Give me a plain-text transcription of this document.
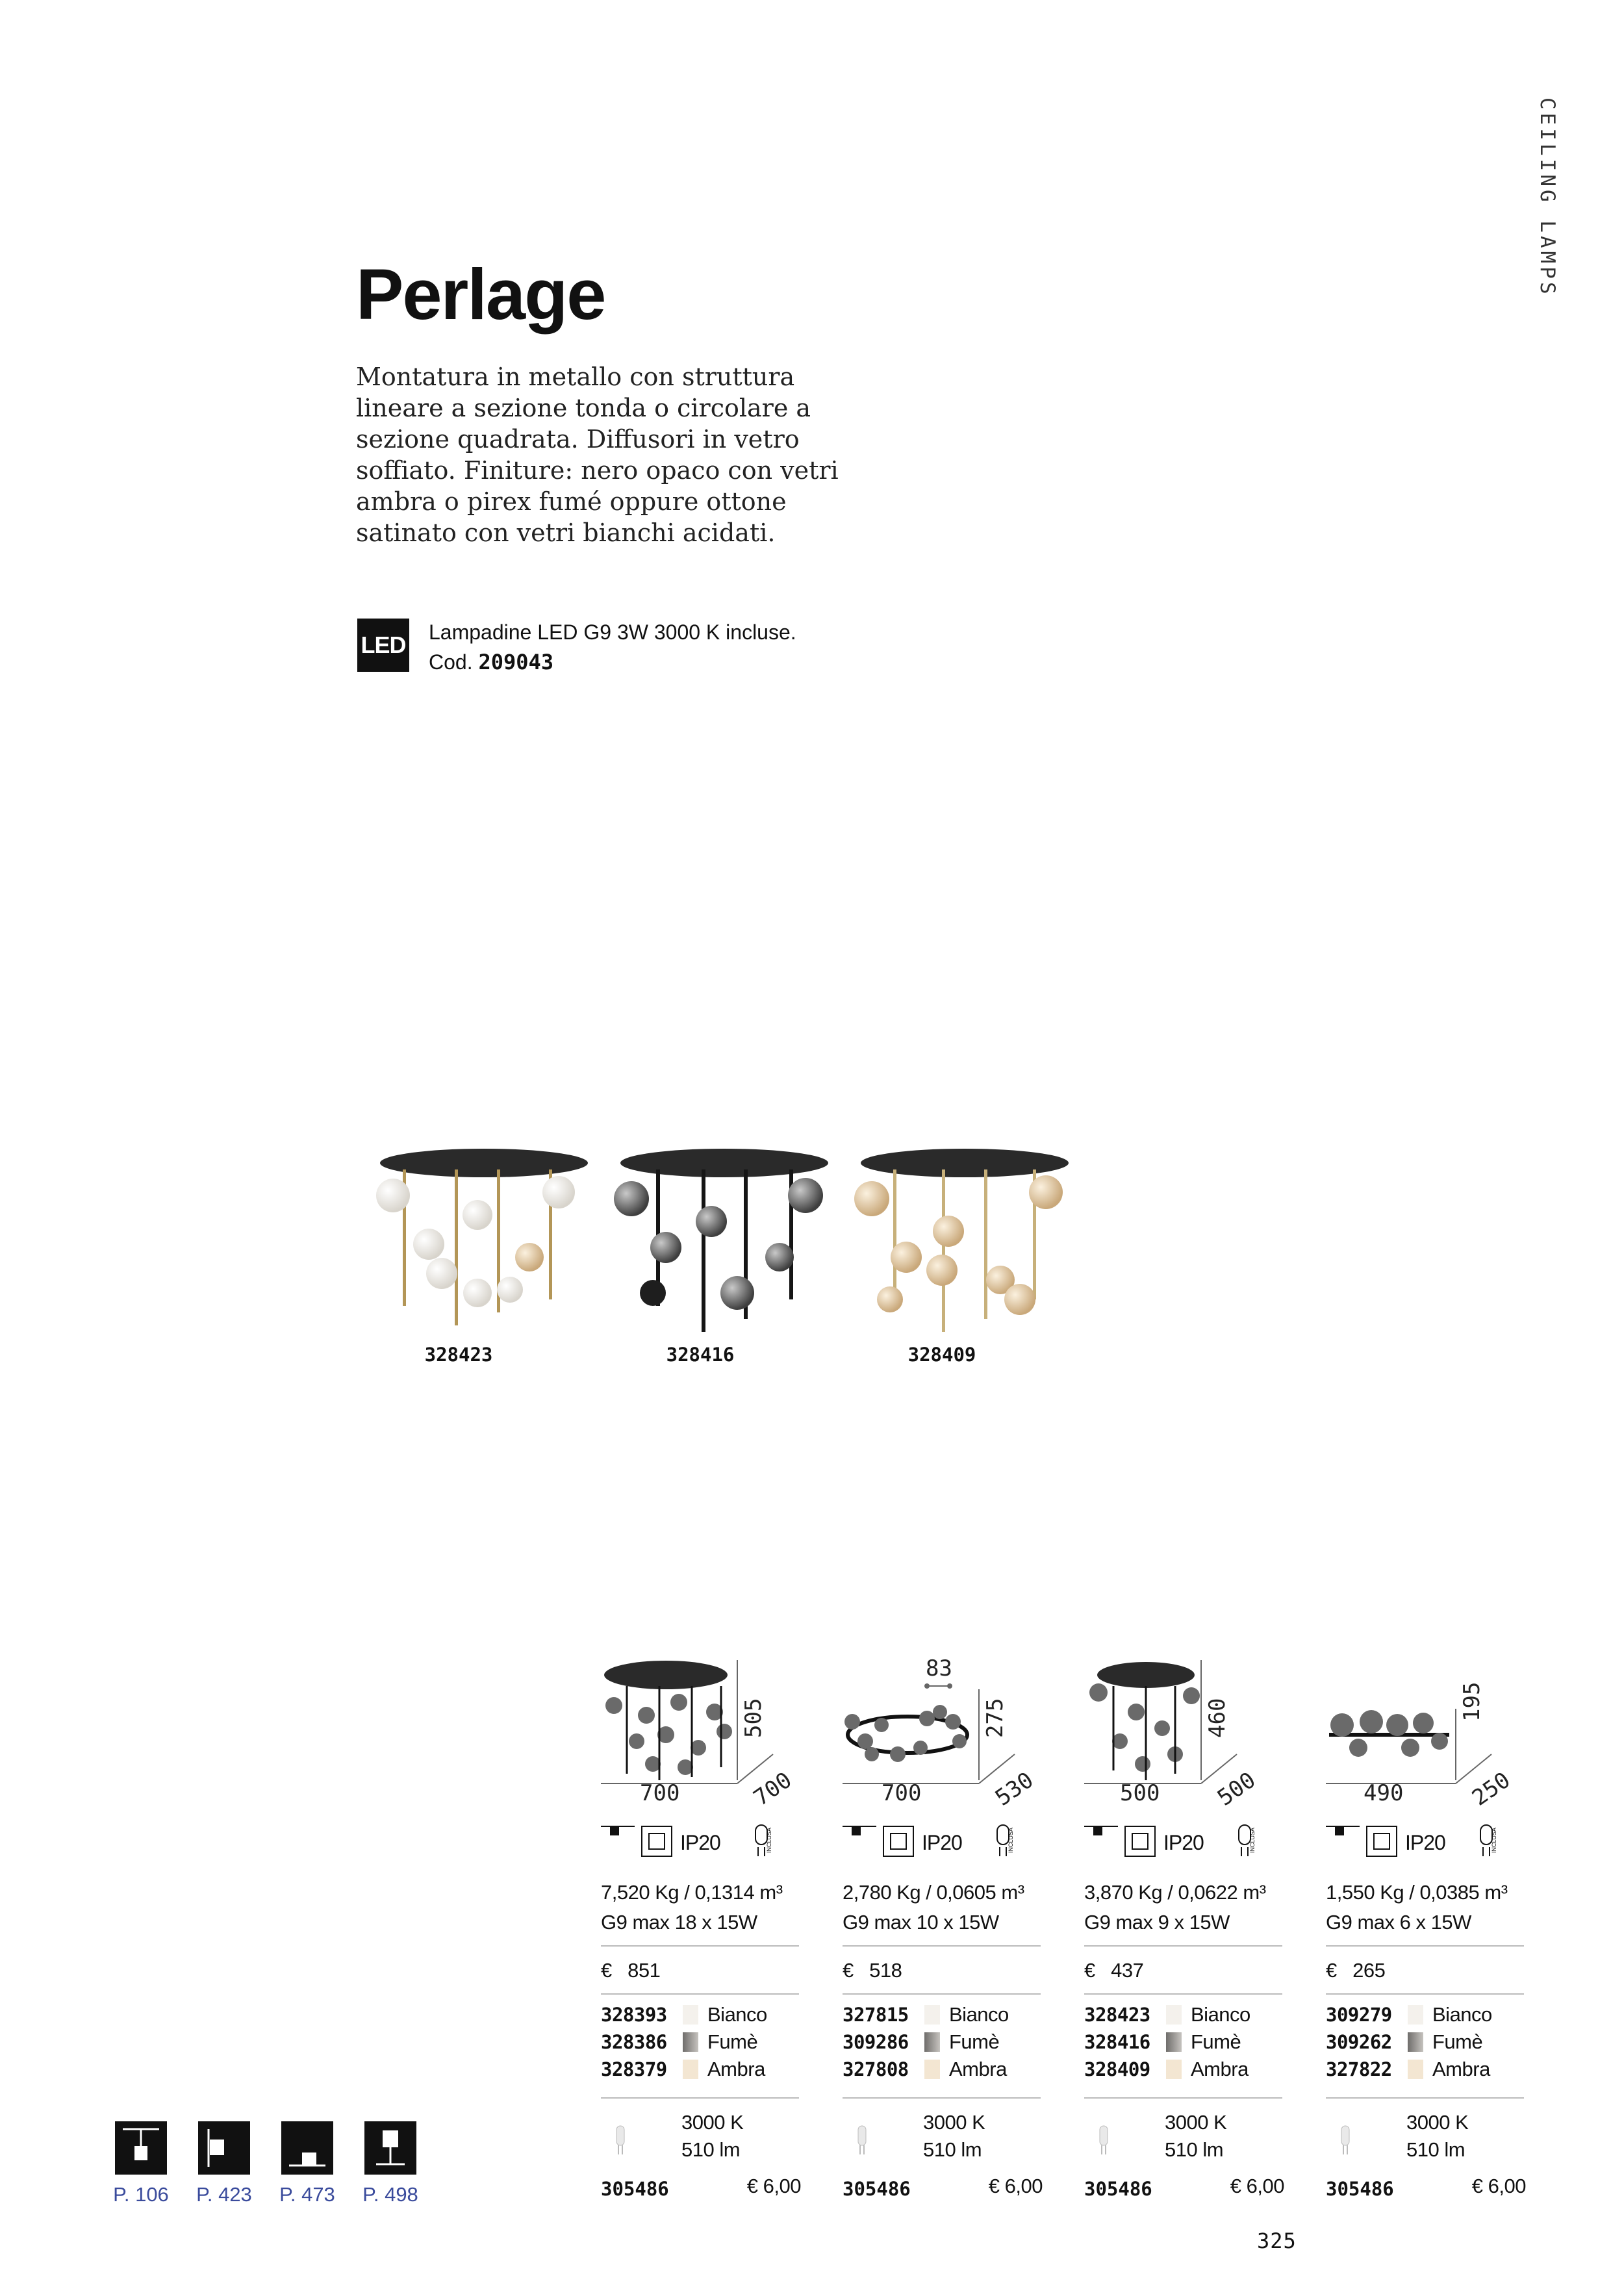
CEILING LAMPS
Perlage
Montatura in metallo con struttura lineare a sezione tonda o circolare a sezione quadrata. Diffusori in vetro soffiato. Finiture: nero opaco con vetri ambra o pirex fumé oppure ottone satinato con vetri bianchi acidati.
LED Lampadine LED G9 3W 3000 K incluse.
Cod. 209043
328423	328416	328409
700
505
700
IP20	INCLUSA
7,520 Kg / 0,1314 m³
G9 max 18 x 15W
€ 851
328393	Bianco
328386	Fumè
328379	Ambra
3000 K
510 lm
305486	€ 6,00
83
700
275
530
IP20	INCLUSA
2,780 Kg / 0,0605 m³
G9 max 10 x 15W
€ 518
327815	Bianco
309286	Fumè
327808	Ambra
3000 K
510 lm
305486	€ 6,00
500
460
500
IP20	INCLUSA
3,870 Kg / 0,0622 m³
G9 max 9 x 15W
€ 437
328423	Bianco
328416	Fumè
328409	Ambra
3000 K
510 lm
305486	€ 6,00
490
195
250
IP20	INCLUSA
1,550 Kg / 0,0385 m³
G9 max 6 x 15W
€ 265
309279	Bianco
309262	Fumè
327822	Ambra
3000 K
510 lm
305486	€ 6,00
P. 106	P. 423	P. 473	P. 498
325
